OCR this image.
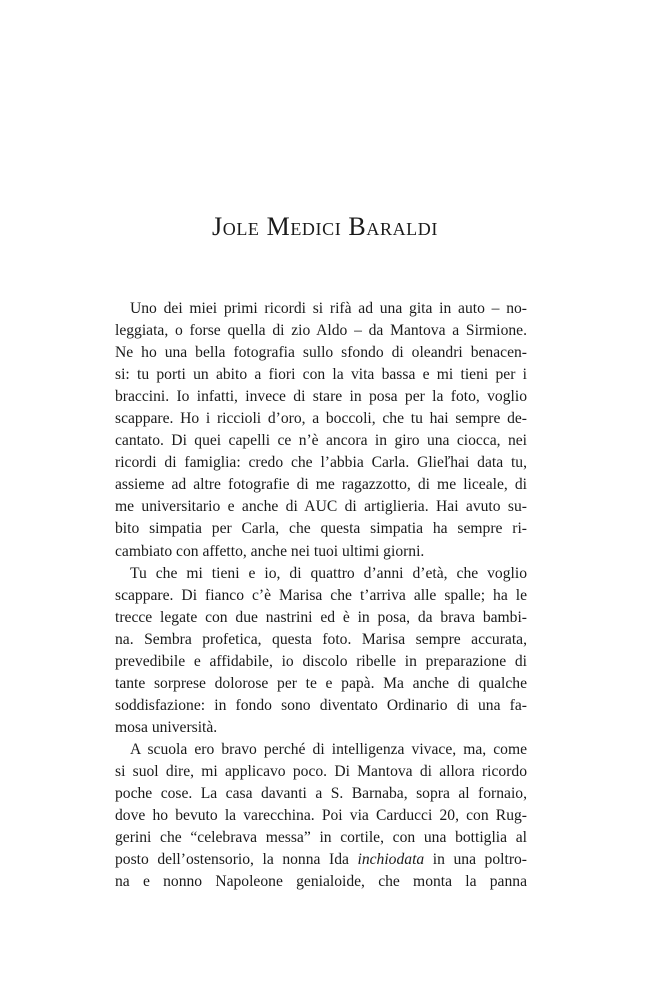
Jole Medici Baraldi
Uno dei miei primi ricordi si rifà ad una gita in auto – no-
leggiata, o forse quella di zio Aldo – da Mantova a Sirmione.
Ne ho una bella fotografia sullo sfondo di oleandri benacen-
si: tu porti un abito a fiori con la vita bassa e mi tieni per i
braccini. Io infatti, invece di stare in posa per la foto, voglio
scappare. Ho i riccioli d’oro, a boccoli, che tu hai sempre de-
cantato. Di quei capelli ce n’è ancora in giro una ciocca, nei
ricordi di famiglia: credo che l’abbia Carla. Glieľhai data tu,
assieme ad altre fotografie di me ragazzotto, di me liceale, di
me universitario e anche di AUC di artiglieria. Hai avuto su-
bito simpatia per Carla, che questa simpatia ha sempre ri-
cambiato con affetto, anche nei tuoi ultimi giorni.
Tu che mi tieni e io, di quattro d’anni d’età, che voglio
scappare. Di fianco c’è Marisa che t’arriva alle spalle; ha le
trecce legate con due nastrini ed è in posa, da brava bambi-
na. Sembra profetica, questa foto. Marisa sempre accurata,
prevedibile e affidabile, io discolo ribelle in preparazione di
tante sorprese dolorose per te e papà. Ma anche di qualche
soddisfazione: in fondo sono diventato Ordinario di una fa-
mosa università.
A scuola ero bravo perché di intelligenza vivace, ma, come
si suol dire, mi applicavo poco. Di Mantova di allora ricordo
poche cose. La casa davanti a S. Barnaba, sopra al fornaio,
dove ho bevuto la varecchina. Poi via Carducci 20, con Rug-
gerini che “celebrava messa” in cortile, con una bottiglia al
posto dell’ostensorio, la nonna Ida inchiodata in una poltro-
na e nonno Napoleone genialoide, che monta la panna
